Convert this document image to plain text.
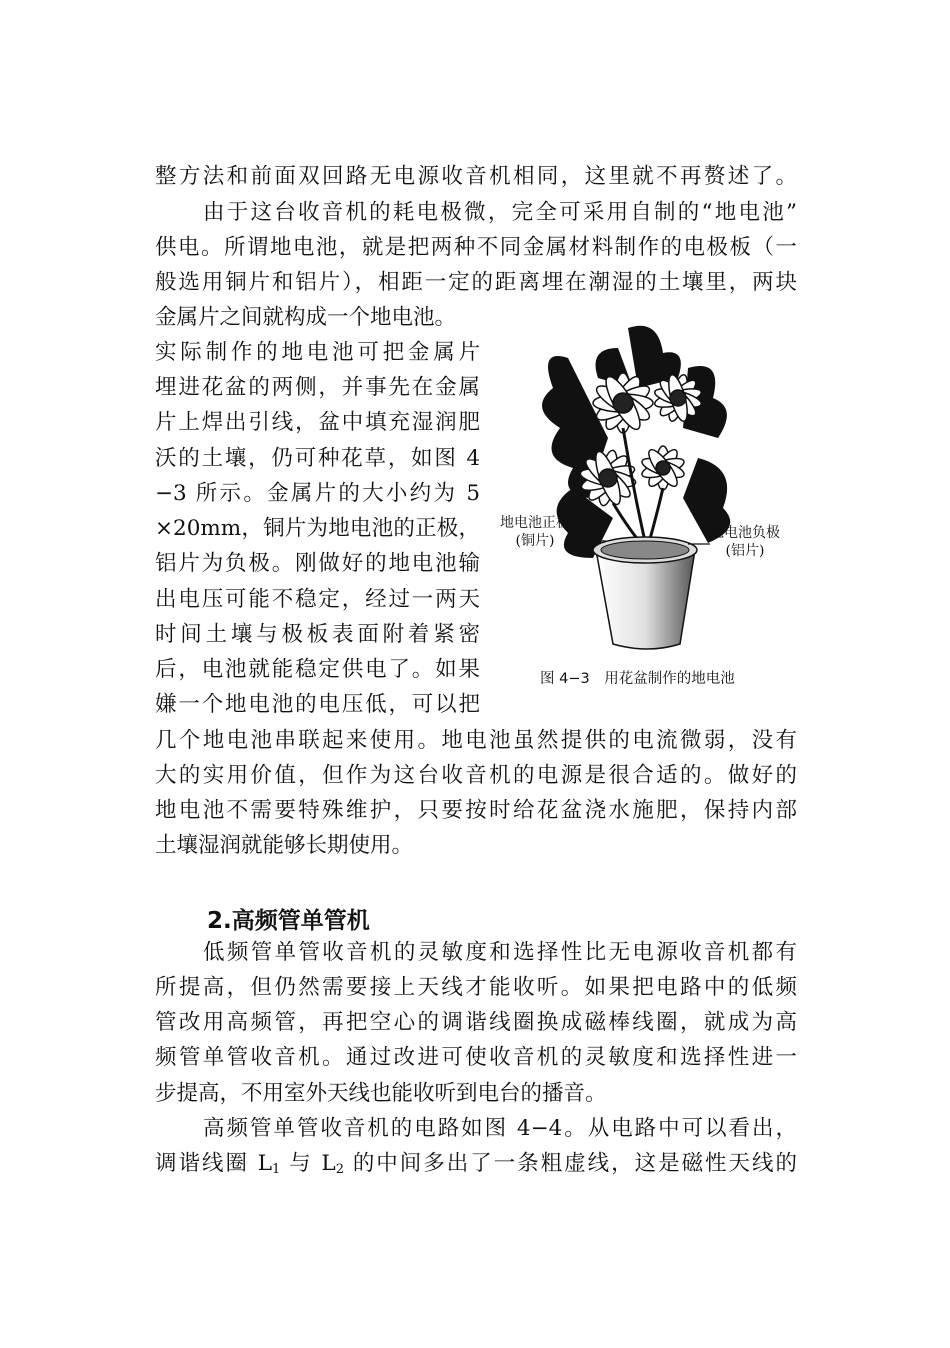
整方法和前面双回路无电源收音机相同，这里就不再赘述了。
由于这台收音机的耗电极微，完全可采用自制的“地电池”
供电。所谓地电池，就是把两种不同金属材料制作的电极板（一
般选用铜片和铝片），相距一定的距离埋在潮湿的土壤里，两块
金属片之间就构成一个地电池。
实际制作的地电池可把金属片
埋进花盆的两侧，并事先在金属
片上焊出引线，盆中填充湿润肥
沃的土壤，仍可种花草，如图 4
−3 所示。金属片的大小约为 5
×20mm，铜片为地电池的正极，
铝片为负极。刚做好的地电池输
出电压可能不稳定，经过一两天
时间土壤与极板表面附着紧密
后，电池就能稳定供电了。如果
嫌一个地电池的电压低，可以把
几个地电池串联起来使用。地电池虽然提供的电流微弱，没有
大的实用价值，但作为这台收音机的电源是很合适的。做好的
地电池不需要特殊维护，只要按时给花盆浇水施肥，保持内部
土壤湿润就能够长期使用。
2.高频管单管机
低频管单管收音机的灵敏度和选择性比无电源收音机都有
所提高，但仍然需要接上天线才能收听。如果把电路中的低频
管改用高频管，再把空心的调谐线圈换成磁棒线圈，就成为高
频管单管收音机。通过改进可使收音机的灵敏度和选择性进一
步提高，不用室外天线也能收听到电台的播音。
高频管单管收音机的电路如图 4−4。从电路中可以看出，
调谐线圈 $L_1$ 与 $L_2$ 的中间多出了一条粗虚线，这是磁性天线的
地电池正极
(铜片)	地电池负极
(铝片)
图 4−3　用花盆制作的地电池
